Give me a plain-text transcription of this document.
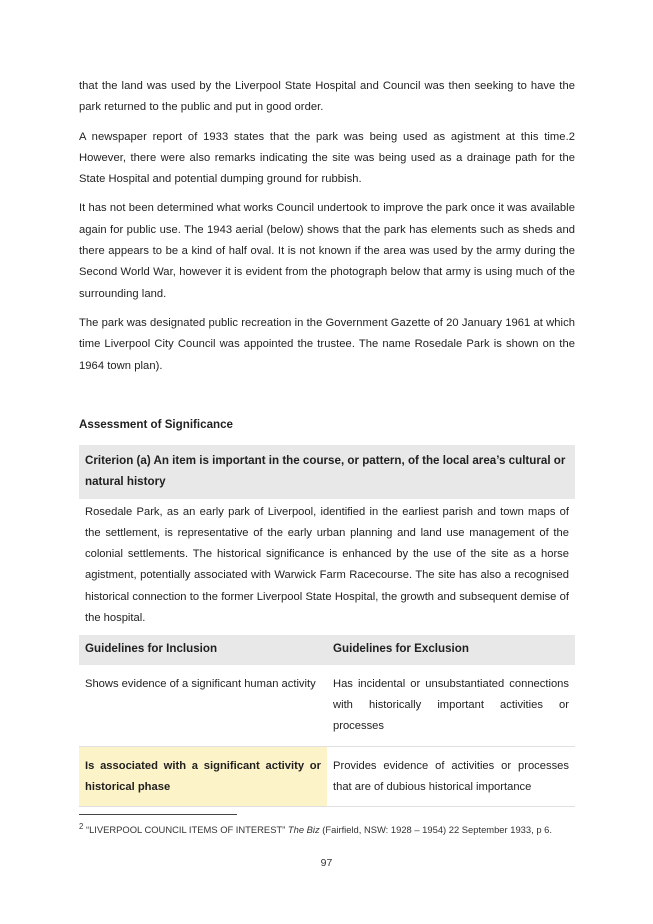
that the land was used by the Liverpool State Hospital and Council was then seeking to have the park returned to the public and put in good order.

A newspaper report of 1933 states that the park was being used as agistment at this time.2 However, there were also remarks indicating the site was being used as a drainage path for the State Hospital and potential dumping ground for rubbish.

It has not been determined what works Council undertook to improve the park once it was available again for public use. The 1943 aerial (below) shows that the park has elements such as sheds and there appears to be a kind of half oval. It is not known if the area was used by the army during the Second World War, however it is evident from the photograph below that army is using much of the surrounding land.

The park was designated public recreation in the Government Gazette of 20 January 1961 at which time Liverpool City Council was appointed the trustee. The name Rosedale Park is shown on the 1964 town plan).

Assessment of Significance
Criterion (a) An item is important in the course, or pattern, of the local area’s cultural or natural history
Rosedale Park, as an early park of Liverpool, identified in the earliest parish and town maps of the settlement, is representative of the early urban planning and land use management of the colonial settlements. The historical significance is enhanced by the use of the site as a horse agistment, potentially associated with Warwick Farm Racecourse. The site has also a recognised historical connection to the former Liverpool State Hospital, the growth and subsequent demise of the hospital.
Guidelines for Inclusion	Guidelines for Exclusion
Shows evidence of a significant human activity	Has incidental or unsubstantiated connections with historically important activities or processes
Is associated with a significant activity or historical phase	Provides evidence of activities or processes that are of dubious historical importance
$^2$ “LIVERPOOL COUNCIL ITEMS OF INTEREST” The Biz (Fairfield, NSW: 1928 – 1954) 22 September 1933, p 6.
97
